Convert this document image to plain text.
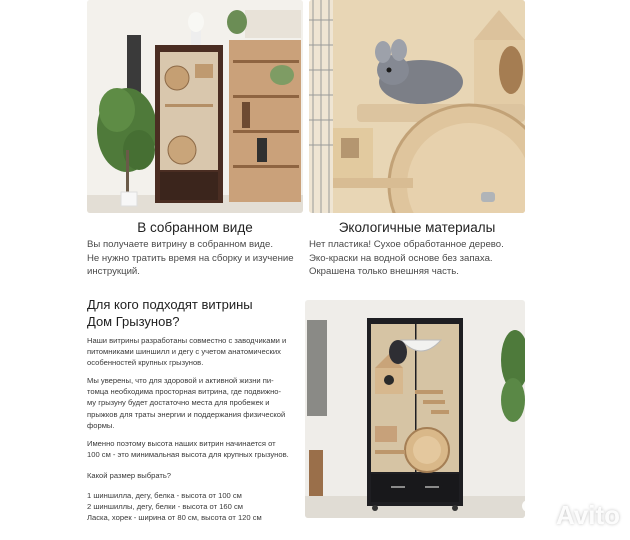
В собранном виде
Вы получаете витрину в собранном виде.
Не нужно тратить время на сборку и изучение
инструкций.
Экологичные материалы
Нет пластика! Сухое обработанное дерево.
Эко-краски на водной основе без запаха.
Окрашена только внешняя часть.
Для кого подходят витрины
Дом Грызунов?
Наши витрины разработаны совместно с заводчиками и
питомниками шиншилл и дегу с учетом анатомических
особенностей крупных грызунов.
Мы уверены, что для здоровой и активной жизни пи-
томца необходима просторная витрина, где подвижно-
му грызуну будет достаточно места для пробежек и
прыжков для траты энергии и поддержания физической
формы.
Именно поэтому высота наших витрин начинается от
100 см - это минимальная высота для крупных грызунов.
Какой размер выбрать?
1 шиншилла, дегу, белка - высота от 100 см
2 шиншиллы, дегу, белки - высота от 160 см
Ласка, хорек - ширина от 80 см, высота от 120 см	Avito
